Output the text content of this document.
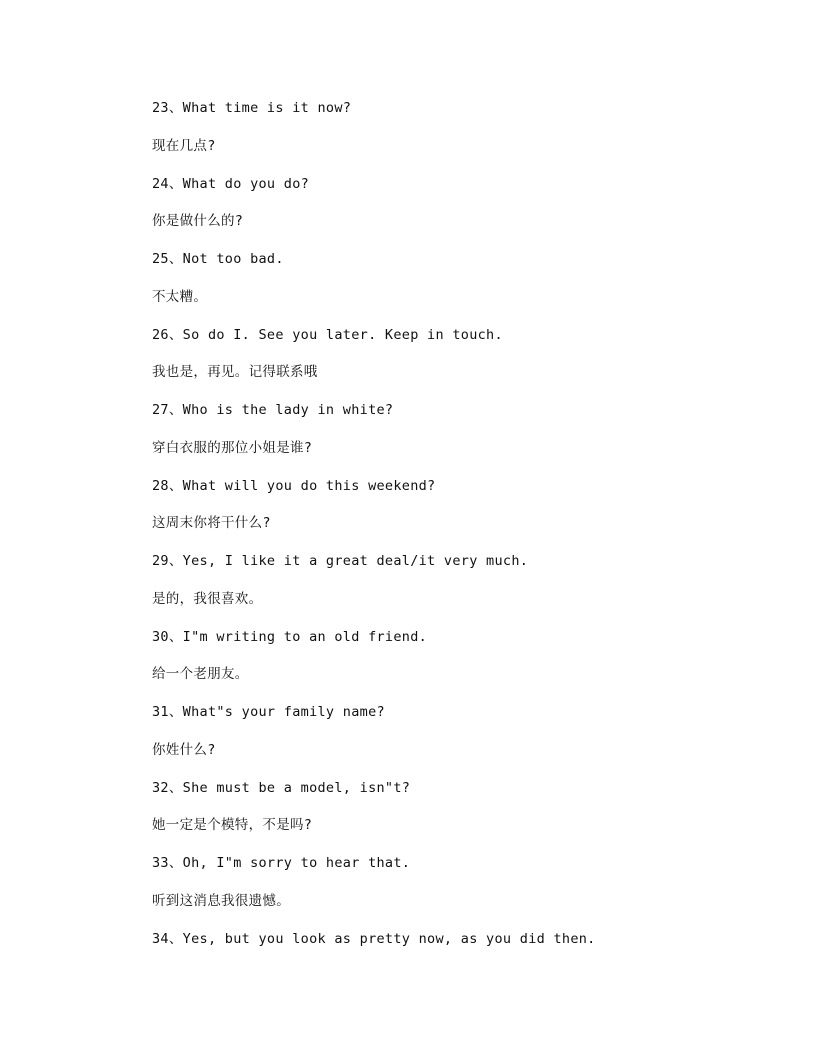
23、What time is it now?
现在几点?
24、What do you do?
你是做什么的?
25、Not too bad.
不太糟。
26、So do I. See you later. Keep in touch.
我也是，再见。记得联系哦
27、Who is the lady in white?
穿白衣服的那位小姐是谁?
28、What will you do this weekend?
这周末你将干什么?
29、Yes, I like it a great deal/it very much.
是的，我很喜欢。
30、I"m writing to an old friend.
给一个老朋友。
31、What"s your family name?
你姓什么?
32、She must be a model, isn"t?
她一定是个模特，不是吗?
33、Oh, I"m sorry to hear that.
听到这消息我很遗憾。
34、Yes, but you look as pretty now, as you did then.
